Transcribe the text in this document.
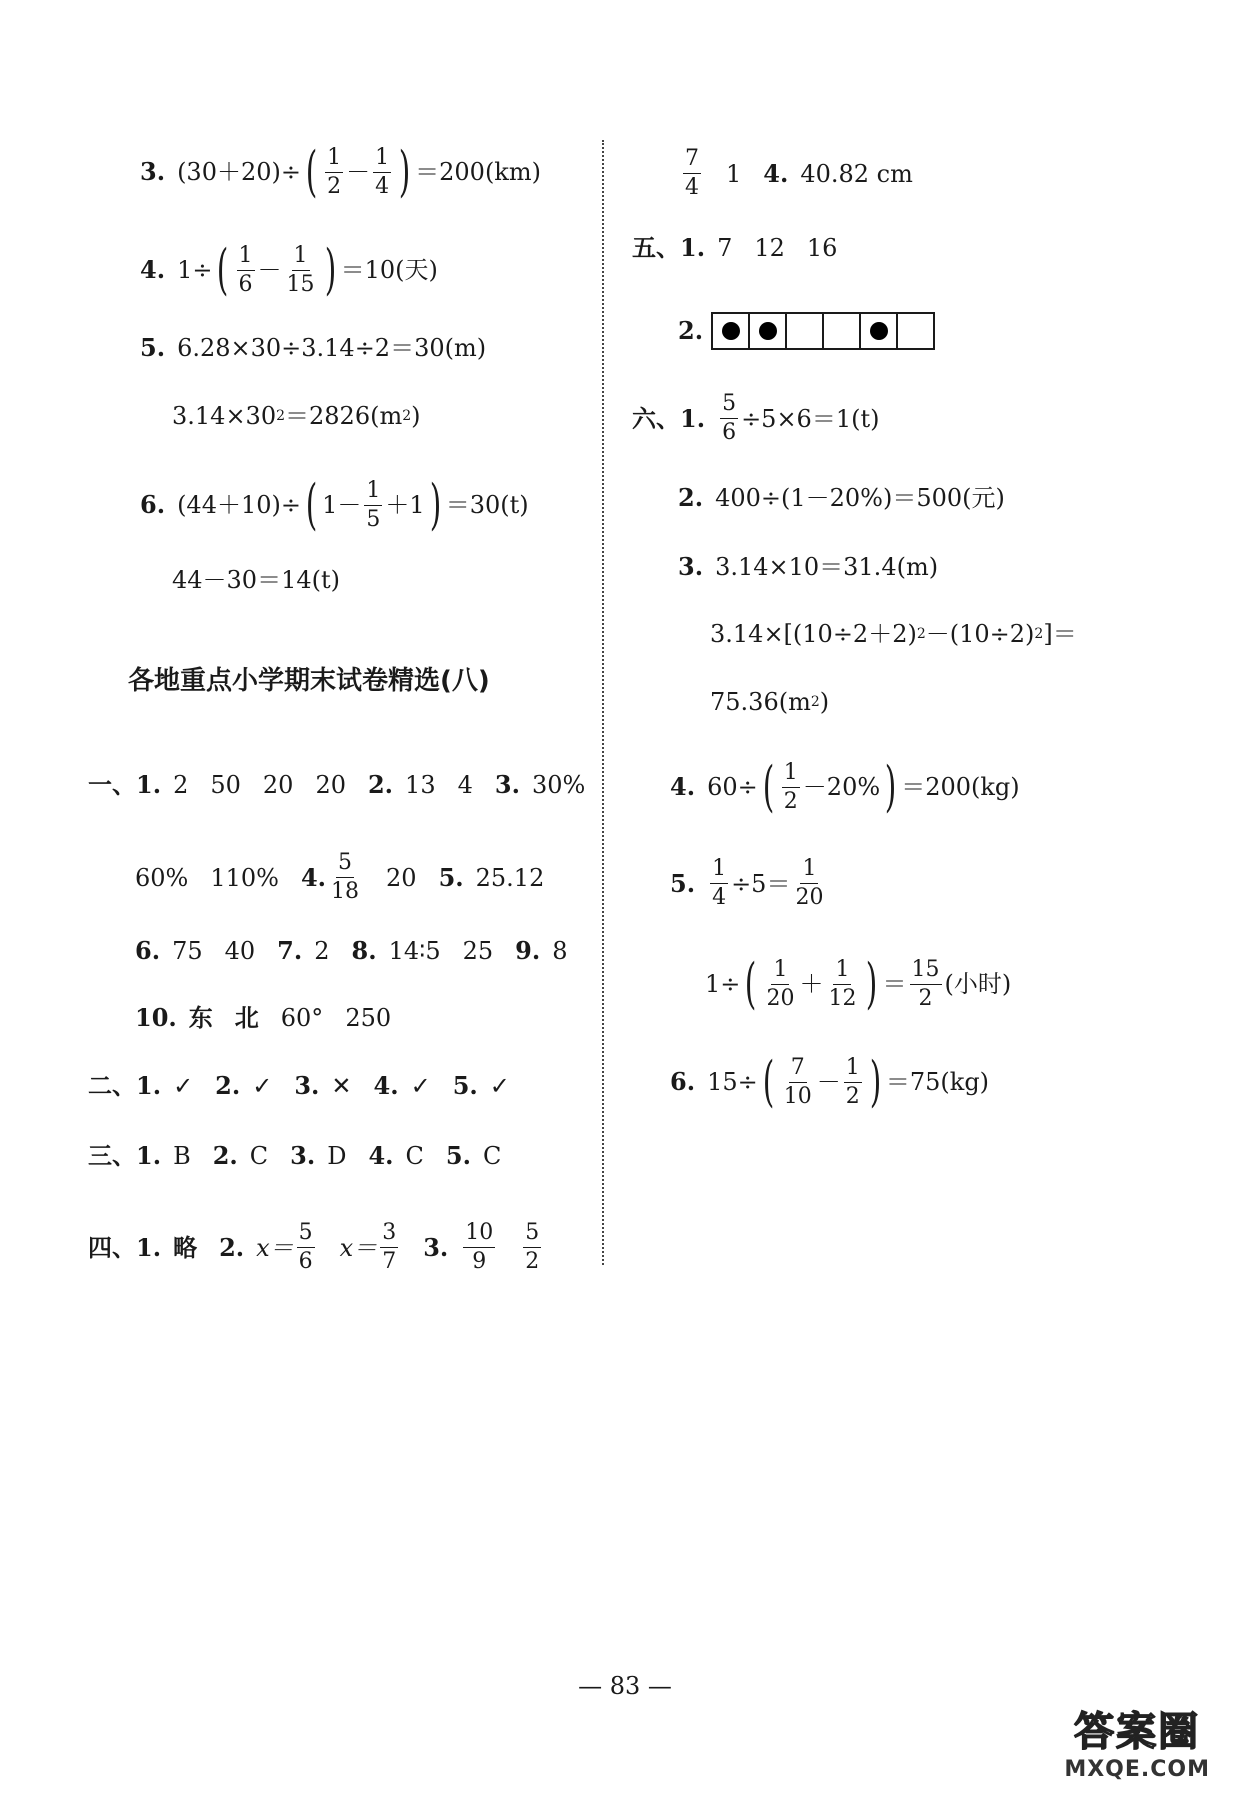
3. (30＋20)÷ ( $\frac{1}{2} - \frac{1}{4}$ ) ＝200(km)
4. 1÷ ( $\frac{1}{6} - \frac{1}{15}$ ) ＝10(天)
5. 6.28×30÷3.14÷2＝30(m)
3.14×30 2 ＝2826(m 2 )
6. (44＋10)÷ ( $1- \frac{1}{5} +1$ ) ＝30(t)
44－30＝14(t)
各地重点小学期末试卷精选(八)
一、1. 2 50 20 20 2. 13 4 3. 30%
60% 110% 4. $\frac{5}{18} 20$ 5. 25.12
6. 75 40 7. 2 8. 14∶5 25 9. 8
10. 东 北 60° 250
二、1. ✓ 2. ✓ 3. ✕ 4. ✓ 5. ✓
三、1. B 2. C 3. D 4. C 5. C
四、1. 略 2. $x= \frac{5}{6} x= \frac{3}{7} 3$. $\frac{10}{9} \frac{5}{2}$
$\frac{7}{4} 1$ 4. 40.82 cm
五、1. 7 12 16
2.
六、1. $\frac{5}{6} \div 5\times 6=1(t)$
2. 400÷(1－20%)＝500(元)
3. 3.14×10＝31.4(m)
3.14×[(10÷2＋2) 2 －(10÷2) 2 ]＝
75.36(m 2 )
4. 60÷ ( $\frac{1}{2} -20\%$ ) ＝200(kg)
5. $\frac{1}{4} \div 5= \frac{1}{20}$
1÷ ( $\frac{1}{20} + \frac{1}{12}$ ) ＝ $\frac{15}{2}$ (小时)
6. 15÷ ( $\frac{7}{10} - \frac{1}{2}$ ) ＝75(kg)
— 83 —
答案圈
MXQE.COM
